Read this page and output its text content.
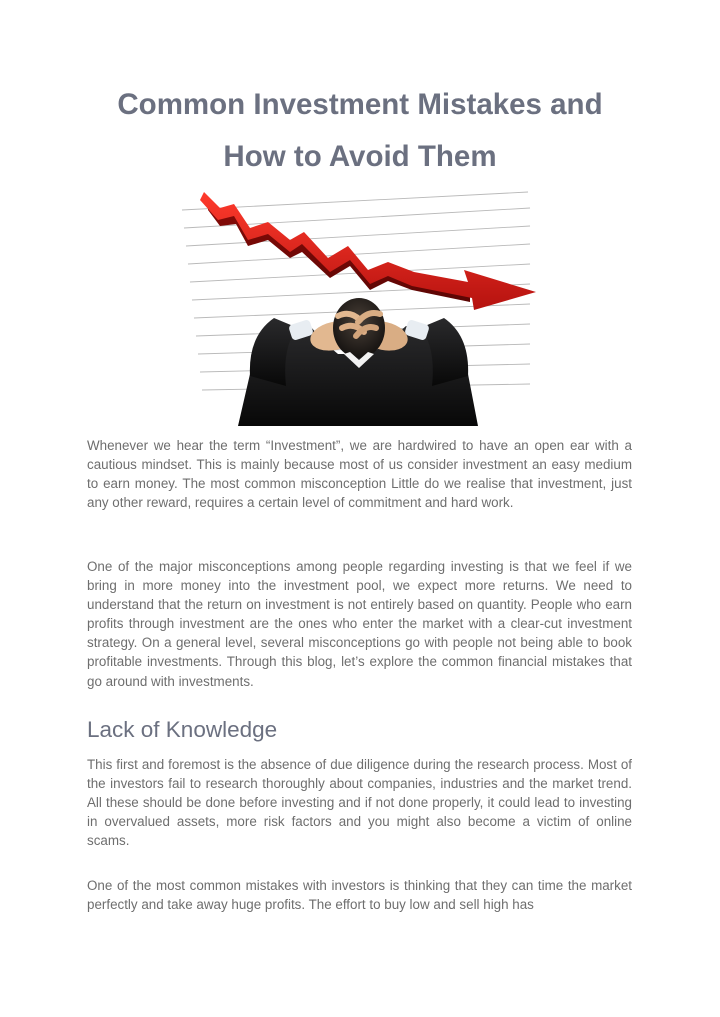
Common Investment Mistakes and
How to Avoid Them

Whenever we hear the term “Investment”, we are hardwired to have an open ear with a cautious mindset. This is mainly because most of us consider investment an easy medium to earn money. The most common misconception Little do we realise that investment, just any other reward, requires a certain level of commitment and hard work.

One of the major misconceptions among people regarding investing is that we feel if we bring in more money into the investment pool, we expect more returns. We need to understand that the return on investment is not entirely based on quantity. People who earn profits through investment are the ones who enter the market with a clear-cut investment strategy. On a general level, several misconceptions go with people not being able to book profitable investments. Through this blog, let’s explore the common financial mistakes that go around with investments.

Lack of Knowledge

This first and foremost is the absence of due diligence during the research process. Most of the investors fail to research thoroughly about companies, industries and the market trend. All these should be done before investing and if not done properly, it could lead to investing in overvalued assets, more risk factors and you might also become a victim of online scams.

One of the most common mistakes with investors is thinking that they can time the market perfectly and take away huge profits. The effort to buy low and sell high has
